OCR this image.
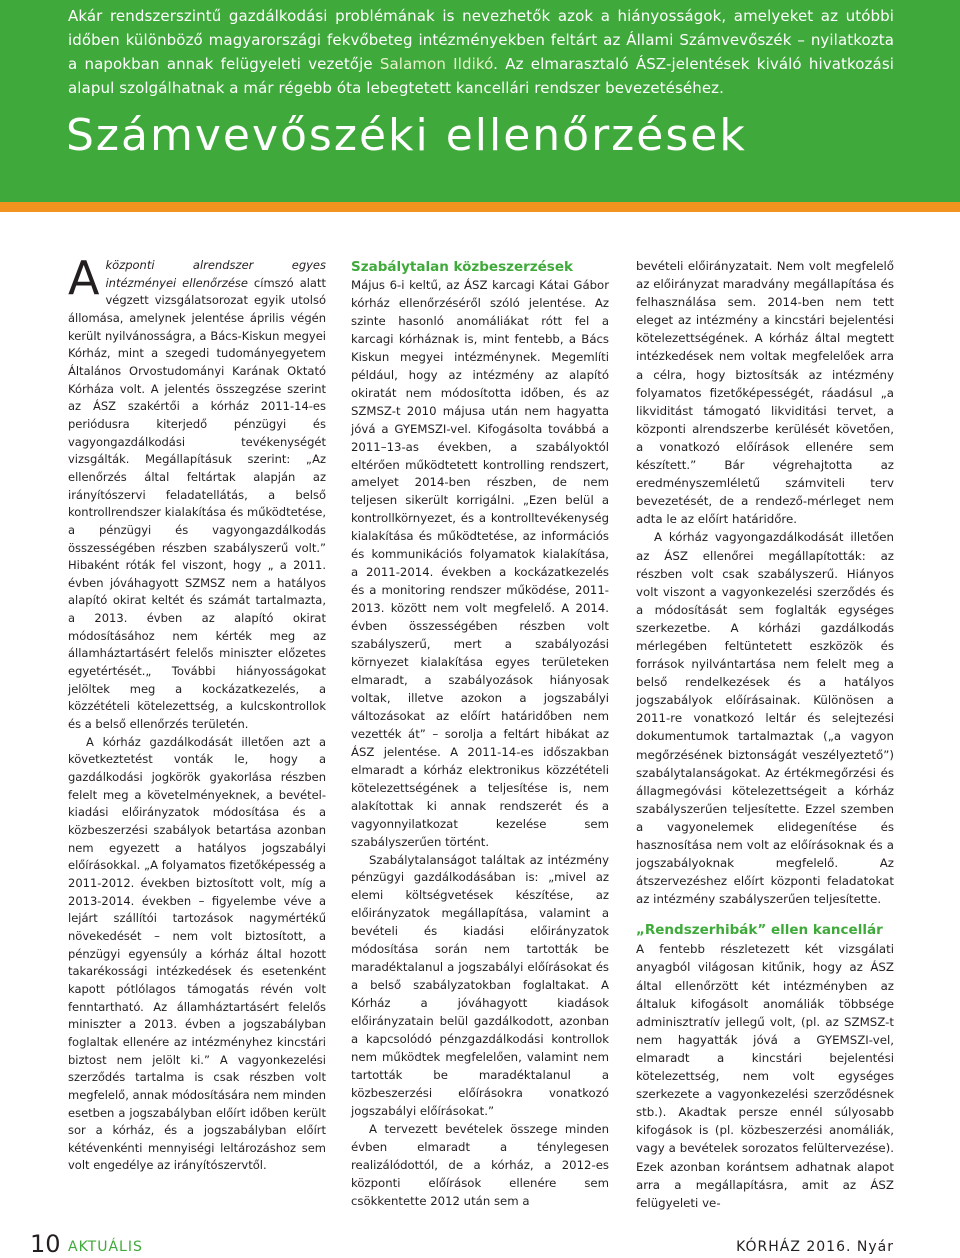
Akár rendszerszintű gazdálkodási problémának is nevezhetők azok a hiányosságok, amelyeket az utóbbi időben különböző magyarországi fekvőbeteg intézményekben feltárt az Állami Számvevőszék – nyilatkozta a napokban annak felügyeleti vezetője Salamon Ildikó. Az elmarasztaló ÁSZ-jelentések kiváló hivatkozási alapul szolgálhatnak a már régebb óta lebegtetett kancellári rendszer bevezetéséhez.

Számvevőszéki ellenőrzések

A központi alrendszer egyes intézményei ellenőrzése címszó alatt végzett vizsgálatsorozat egyik utolsó állomása, amelynek jelentése április végén került nyilvánosságra, a Bács-Kiskun megyei Kórház, mint a szegedi tudományegyetem Általános Orvostudományi Karának Oktató Kórháza volt. A jelentés összegzése szerint az ÁSZ szakértői a kórház 2011-14-es periódusra kiterjedő pénzügyi és vagyongazdálkodási tevékenységét vizsgálták. Megállapításuk szerint: „Az ellenőrzés által feltártak alapján az irányítószervi feladatellátás, a belső kontrollrendszer kialakítása és működtetése, a pénzügyi és vagyongazdálkodás összességében részben szabályszerű volt.” Hibaként róták fel viszont, hogy „ a 2011. évben jóváhagyott SZMSZ nem a hatályos alapító okirat keltét és számát tartalmazta, a 2013. évben az alapító okirat módosításához nem kérték meg az államháztartásért felelős miniszter előzetes egyetértését.„ További hiányosságokat jelöltek meg a kockázatkezelés, a közzétételi kötelezettség, a kulcskontrollok és a belső ellenőrzés területén.

A kórház gazdálkodását illetően azt a következtetést vonták le, hogy a gazdálkodási jogkörök gyakorlása részben felelt meg a követelményeknek, a bevétel-kiadási előirányzatok módosítása és a közbeszerzési szabályok betartása azonban nem egyezett a hatályos jogszabályi előírásokkal. „A folyamatos fizetőképesség a 2011-2012. években biztosított volt, míg a 2013-2014. években – figyelembe véve a lejárt szállítói tartozások nagymértékű növekedését – nem volt biztosított, a pénzügyi egyensúly a kórház által hozott takarékossági intézkedések és esetenként kapott pótlólagos támogatás révén volt fenntartható. Az államháztartásért felelős miniszter a 2013. évben a jogszabályban foglaltak ellenére az intézményhez kincstári biztost nem jelölt ki.” A vagyonkezelési szerződés tartalma is csak részben volt megfelelő, annak módosítására nem minden esetben a jogszabályban előírt időben került sor a kórház, és a jogszabályban előírt kétévenkénti mennyiségi leltározáshoz sem volt engedélye az irányítószervtől.

Szabálytalan közbeszerzések

Május 6-i keltű, az ÁSZ karcagi Kátai Gábor kórház ellenőrzéséről szóló jelentése. Az szinte hasonló anomáliákat rótt fel a karcagi kórháznak is, mint fentebb, a Bács Kiskun megyei intézménynek. Megemlíti például, hogy az intézmény az alapító okiratát nem módosította időben, és az SZMSZ-t 2010 májusa után nem hagyatta jóvá a GYEMSZI-vel. Kifogásolta továbbá a 2011–13-as években, a szabályoktól eltérően működtetett kontrolling rendszert, amelyet 2014-ben részben, de nem teljesen sikerült korrigálni. „Ezen belül a kontrollkörnyezet, és a kontrolltevékenység kialakítása és működtetése, az információs és kommunikációs folyamatok kialakítása, a 2011-2014. években a kockázatkezelés és a monitoring rendszer működése, 2011-2013. között nem volt megfelelő. A 2014. évben összességében részben volt szabályszerű, mert a szabályozási környezet kialakítása egyes területeken elmaradt, a szabályozások hiányosak voltak, illetve azokon a jogszabályi változásokat az előírt határidőben nem vezették át” – sorolja a feltárt hibákat az ÁSZ jelentése. A 2011-14-es időszakban elmaradt a kórház elektronikus közzétételi kötelezettségének a teljesítése is, nem alakítottak ki annak rendszerét és a vagyonnyilatkozat kezelése sem szabályszerűen történt.

Szabálytalanságot találtak az intézmény pénzügyi gazdálkodásában is: „mivel az elemi költségvetések készítése, az előirányzatok megállapítása, valamint a bevételi és kiadási előirányzatok módosítása során nem tartották be maradéktalanul a jogszabályi előírásokat és a belső szabályzatokban foglaltakat. A Kórház a jóváhagyott kiadások előirányzatain belül gazdálkodott, azonban a kapcsolódó pénzgazdálkodási kontrollok nem működtek megfelelően, valamint nem tartották be maradéktalanul a közbeszerzési előírásokra vonatkozó jogszabályi előírásokat.”

A tervezett bevételek összege minden évben elmaradt a ténylegesen realizálódottól, de a kórház, a 2012-es központi előírások ellenére sem csökkentette 2012 után sem a

bevételi előirányzatait. Nem volt megfelelő az előirányzat maradvány megállapítása és felhasználása sem. 2014-ben nem tett eleget az intézmény a kincstári bejelentési kötelezettségének. A kórház által megtett intézkedések nem voltak megfelelőek arra a célra, hogy biztosítsák az intézmény folyamatos fizetőképességét, ráadásul „a likviditást támogató likviditási tervet, a központi alrendszerbe kerülését követően, a vonatkozó előírások ellenére sem készített.” Bár végrehajtotta az eredményszemléletű számviteli terv bevezetését, de a rendező-mérleget nem adta le az előírt határidőre.

A kórház vagyongazdálkodását illetően az ÁSZ ellenőrei megállapították: az részben volt csak szabályszerű. Hiányos volt viszont a vagyonkezelési szerződés és a módosítását sem foglalták egységes szerkezetbe. A kórházi gazdálkodás mérlegében feltüntetett eszközök és források nyilvántartása nem felelt meg a belső rendelkezések és a hatályos jogszabályok előírásainak. Különösen a 2011-re vonatkozó leltár és selejtezési dokumentumok tartalmaztak („a vagyon megőrzésének biztonságát veszélyeztető”) szabálytalanságokat. Az értékmegőrzési és állagmegóvási kötelezettségeit a kórház szabályszerűen teljesítette. Ezzel szemben a vagyonelemek elidegenítése és hasznosítása nem volt az előírásoknak és a jogszabályoknak megfelelő. Az átszervezéshez előírt központi feladatokat az intézmény szabályszerűen teljesítette.

„Rendszerhibák” ellen kancellár

A fentebb részletezett két vizsgálati anyagból világosan kitűnik, hogy az ÁSZ által ellenőrzött két intézményben az általuk kifogásolt anomáliák többsége adminisztratív jellegű volt, (pl. az SZMSZ-t nem hagyatták jóvá a GYEMSZI-vel, elmaradt a kincstári bejelentési kötelezettség, nem volt egységes szerkezete a vagyonkezelési szerződésnek stb.). Akadtak persze ennél súlyosabb kifogások is (pl. közbeszerzési anomáliák, vagy a bevételek sorozatos felültervezése). Ezek azonban korántsem adhatnak alapot arra a megállapításra, amit az ÁSZ felügyeleti ve-

10 AKTUÁLIS	KÓRHÁZ 2016. Nyár
